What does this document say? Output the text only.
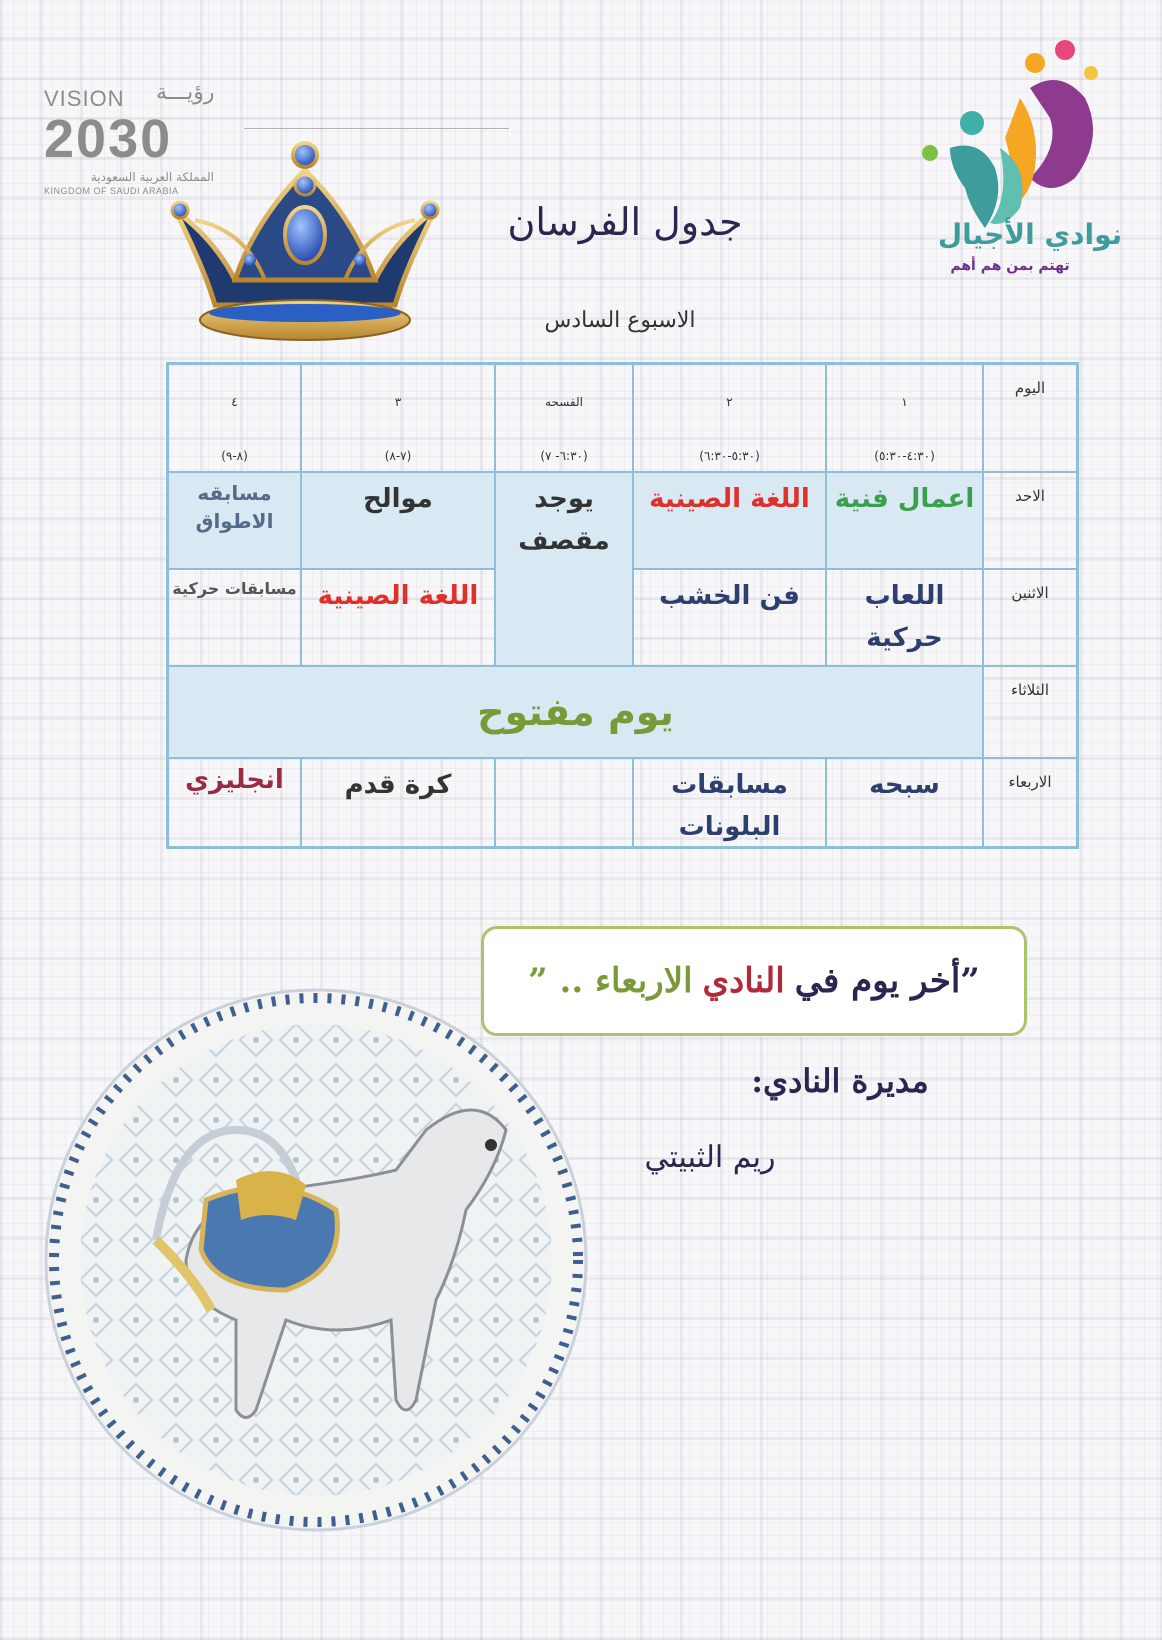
VISION رؤيـــة
2030
المملكة العربية السعودية
KINGDOM OF SAUDI ARABIA
نوادي الأجيال
تهتم بمن هم أهم
جدول الفرسان
الاسبوع السادس
اليوم
١
(٤:٣٠-٥:٣٠)
٢
(٥:٣٠-٦:٣٠)
الفسحه
(٦:٣٠- ٧)
٣
(٧-٨)
٤
(٨-٩)
الاحد
اعمال فنية
اللغة الصينية
يوجد مقصف
موالح
مسابقه الاطواق
الاثنين
اللعاب حركية
فن الخشب
اللغة الصينية
مسابقات حركية
الثلاثاء
يوم مفتوح
الاربعاء
سبحه
مسابقات البلونات
كرة قدم
انجليزي
”أخر يوم في
النادي
الاربعاء .. ”
مديرة النادي:
ريم الثبيتي
